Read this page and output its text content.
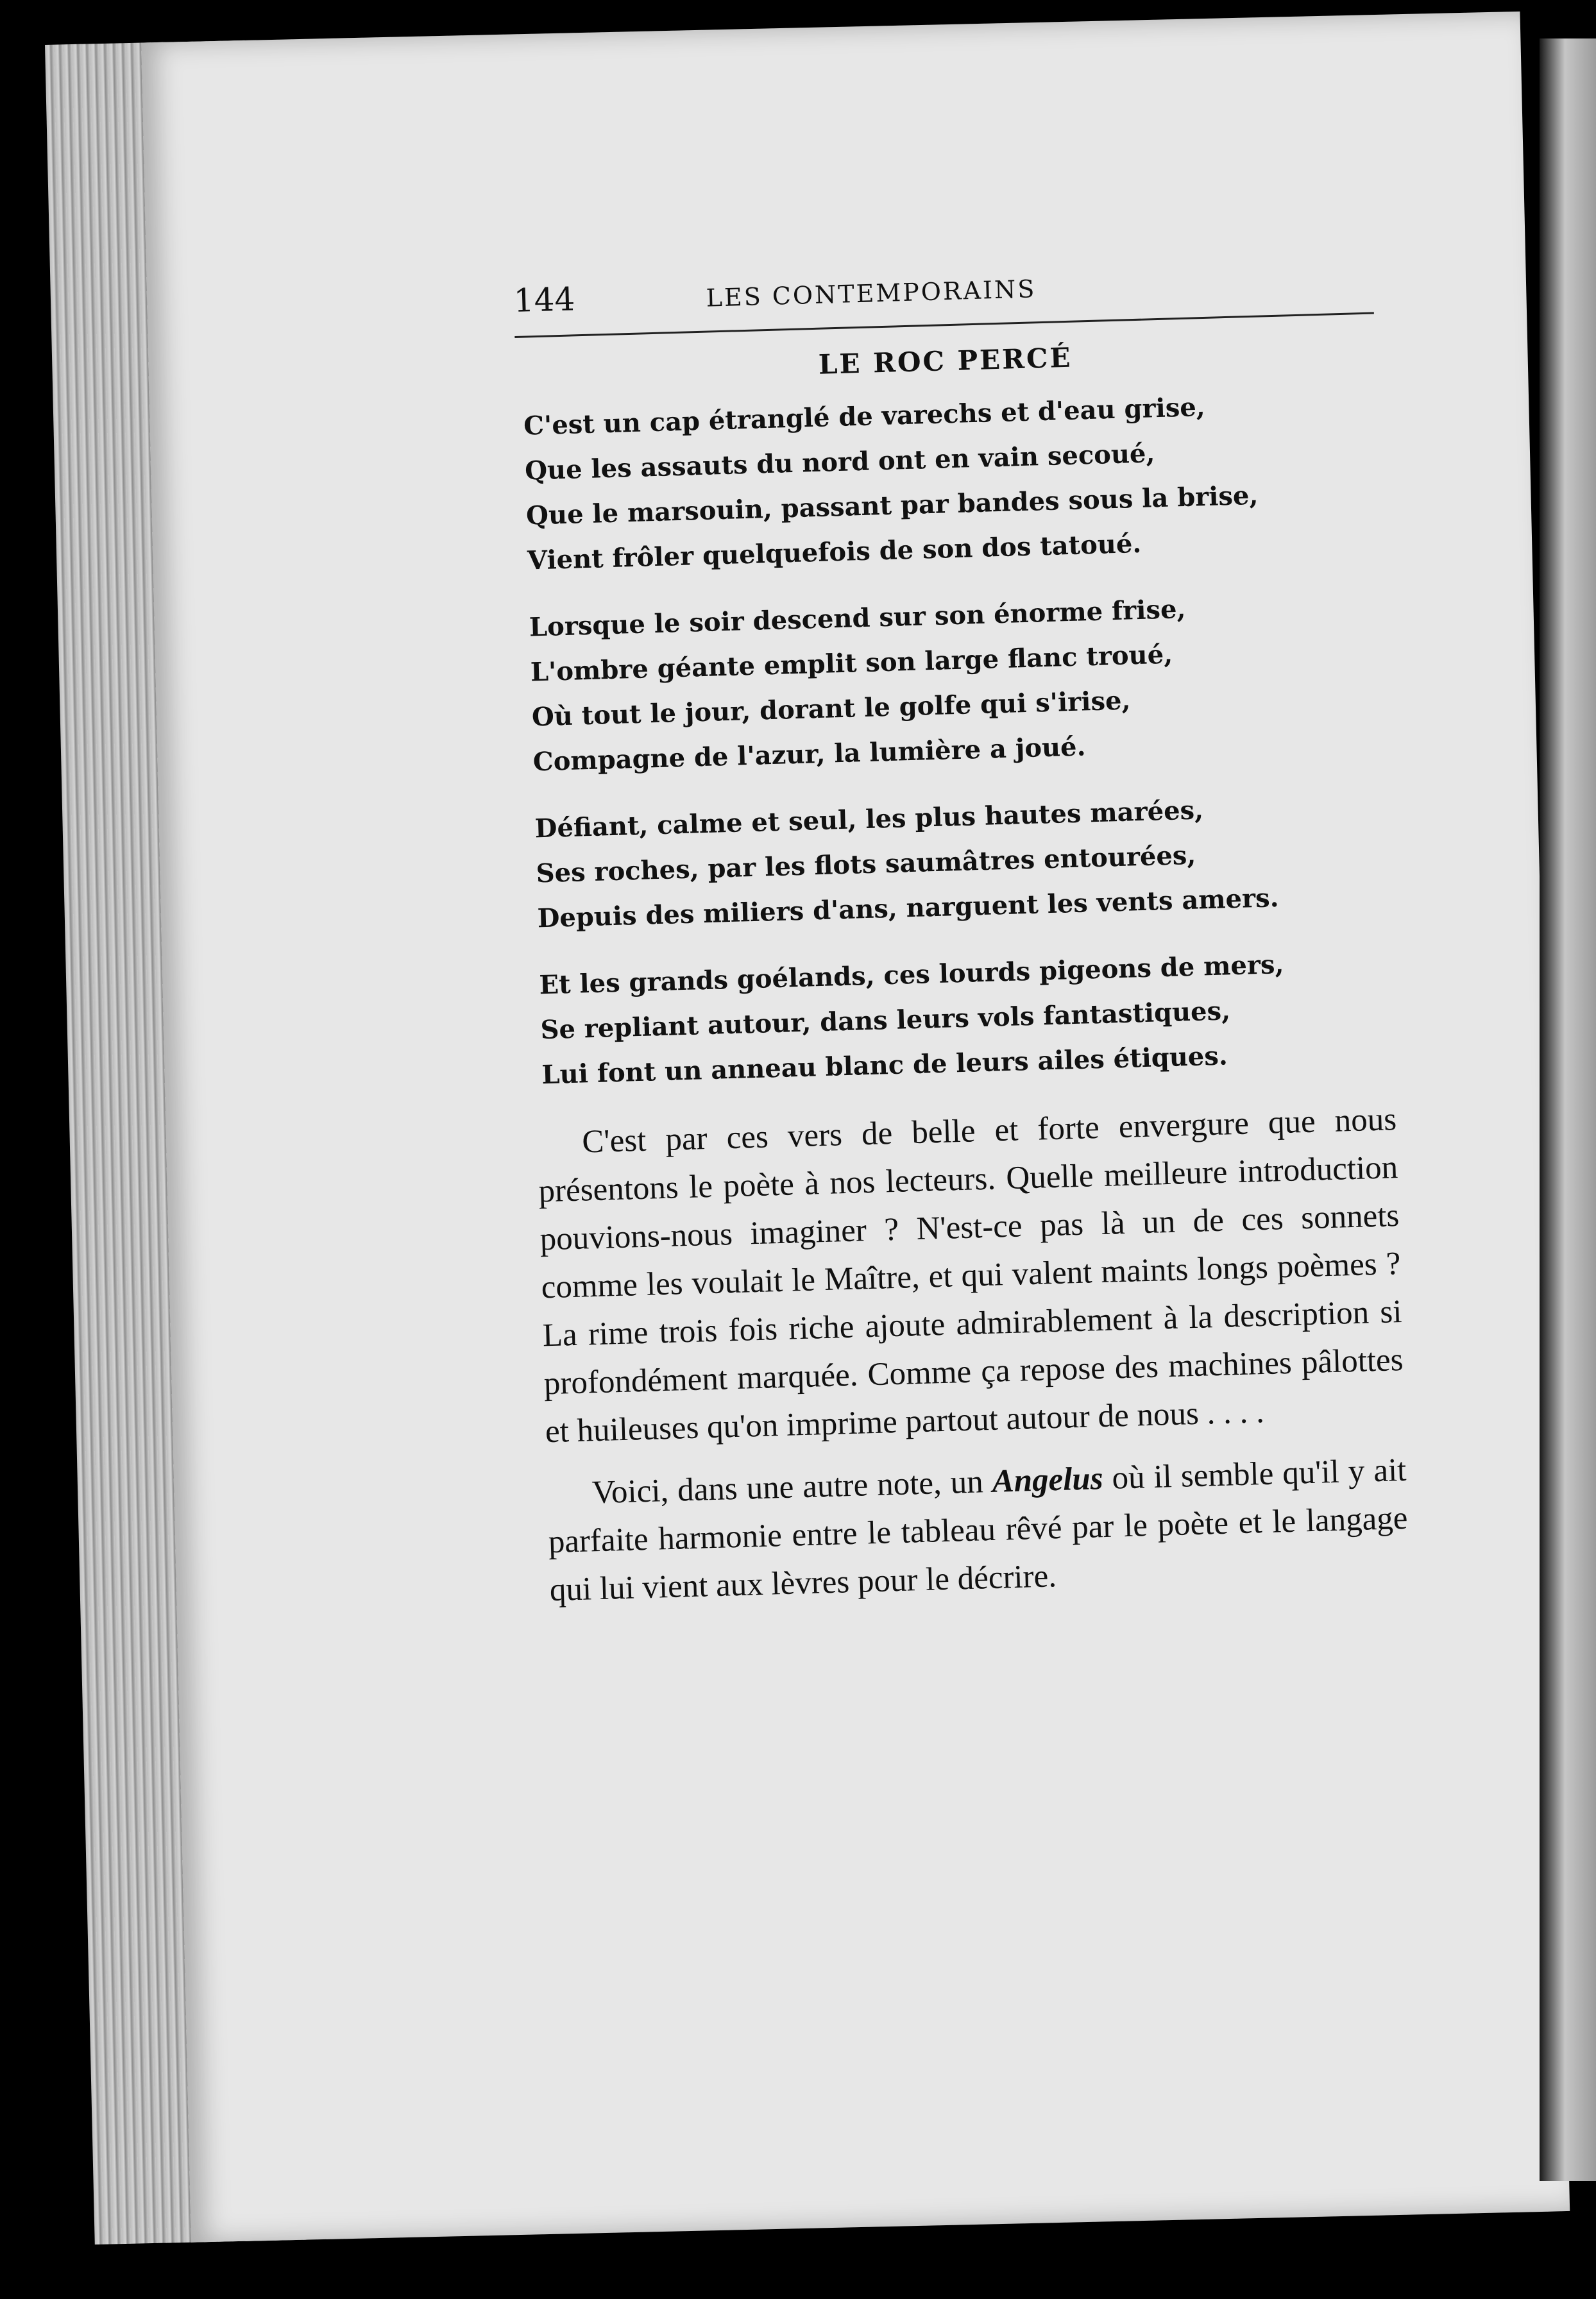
144	LES CONTEMPORAINS
LE ROC PERCÉ
C'est un cap étranglé de varechs et d'eau grise,
Que les assauts du nord ont en vain secoué,
Que le marsouin, passant par bandes sous la brise,
Vient frôler quelquefois de son dos tatoué.
Lorsque le soir descend sur son énorme frise,
L'ombre géante emplit son large flanc troué,
Où tout le jour, dorant le golfe qui s'irise,
Compagne de l'azur, la lumière a joué.
Défiant, calme et seul, les plus hautes marées,
Ses roches, par les flots saumâtres entourées,
Depuis des miliers d'ans, narguent les vents amers.
Et les grands goélands, ces lourds pigeons de mers,
Se repliant autour, dans leurs vols fantastiques,
Lui font un anneau blanc de leurs ailes étiques.

C'est par ces vers de belle et forte envergure que nous présentons le poète à nos lecteurs. Quelle meilleure introduction pouvions-nous imaginer ? N'est-ce pas là un de ces sonnets comme les voulait le Maître, et qui valent maints longs poèmes ? La rime trois fois riche ajoute admirablement à la description si profondément marquée. Comme ça repose des machines pâlottes et huileuses qu'on imprime partout autour de nous . . . .

Voici, dans une autre note, un Angelus où il semble qu'il y ait parfaite harmonie entre le tableau rêvé par le poète et le langage qui lui vient aux lèvres pour le décrire.
